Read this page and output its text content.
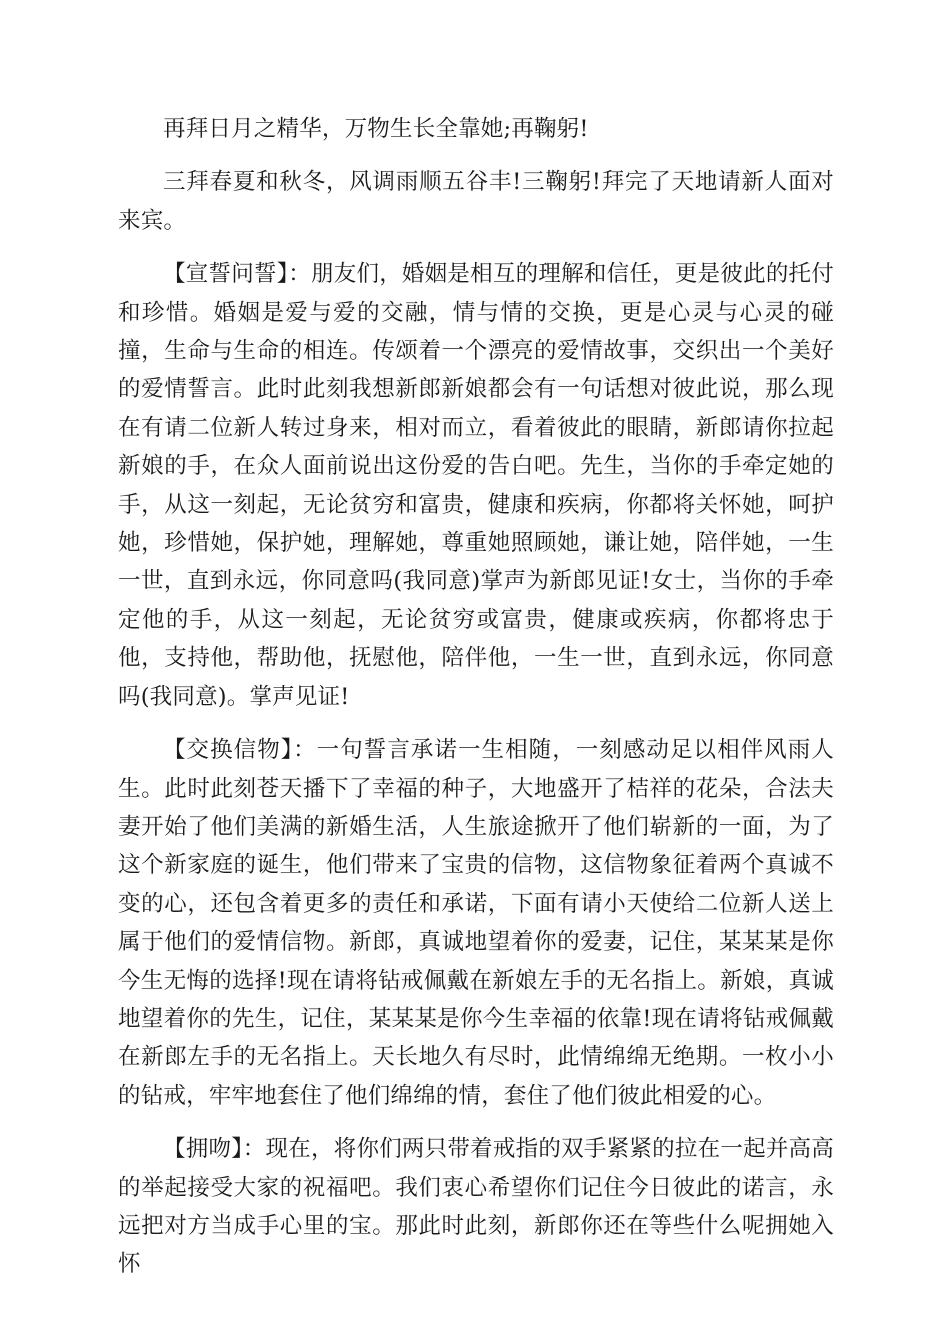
再拜日月之精华，万物生长全靠她;再鞠躬!

三拜春夏和秋冬，风调雨顺五谷丰!三鞠躬!拜完了天地请新人面对来宾。

【宣誓问誓】：朋友们，婚姻是相互的理解和信任，更是彼此的托付和珍惜。婚姻是爱与爱的交融，情与情的交换，更是心灵与心灵的碰撞，生命与生命的相连。传颂着一个漂亮的爱情故事，交织出一个美好的爱情誓言。此时此刻我想新郎新娘都会有一句话想对彼此说，那么现在有请二位新人转过身来，相对而立，看着彼此的眼睛，新郎请你拉起新娘的手，在众人面前说出这份爱的告白吧。先生，当你的手牵定她的手，从这一刻起，无论贫穷和富贵，健康和疾病，你都将关怀她，呵护她，珍惜她，保护她，理解她，尊重她照顾她，谦让她，陪伴她，一生一世，直到永远，你同意吗(我同意)掌声为新郎见证!女士，当你的手牵定他的手，从这一刻起，无论贫穷或富贵，健康或疾病，你都将忠于他，支持他，帮助他，抚慰他，陪伴他，一生一世，直到永远，你同意吗(我同意)。掌声见证!

【交换信物】：一句誓言承诺一生相随，一刻感动足以相伴风雨人生。此时此刻苍天播下了幸福的种子，大地盛开了桔祥的花朵，合法夫妻开始了他们美满的新婚生活，人生旅途掀开了他们崭新的一面，为了这个新家庭的诞生，他们带来了宝贵的信物，这信物象征着两个真诚不变的心，还包含着更多的责任和承诺，下面有请小天使给二位新人送上属于他们的爱情信物。新郎，真诚地望着你的爱妻，记住，某某某是你今生无悔的选择!现在请将钻戒佩戴在新娘左手的无名指上。新娘，真诚地望着你的先生，记住，某某某是你今生幸福的依靠!现在请将钻戒佩戴在新郎左手的无名指上。天长地久有尽时，此情绵绵无绝期。一枚小小的钻戒，牢牢地套住了他们绵绵的情，套住了他们彼此相爱的心。

【拥吻】：现在，将你们两只带着戒指的双手紧紧的拉在一起并高高的举起接受大家的祝福吧。我们衷心希望你们记住今日彼此的诺言，永远把对方当成手心里的宝。那此时此刻，新郎你还在等些什么呢拥她入怀
